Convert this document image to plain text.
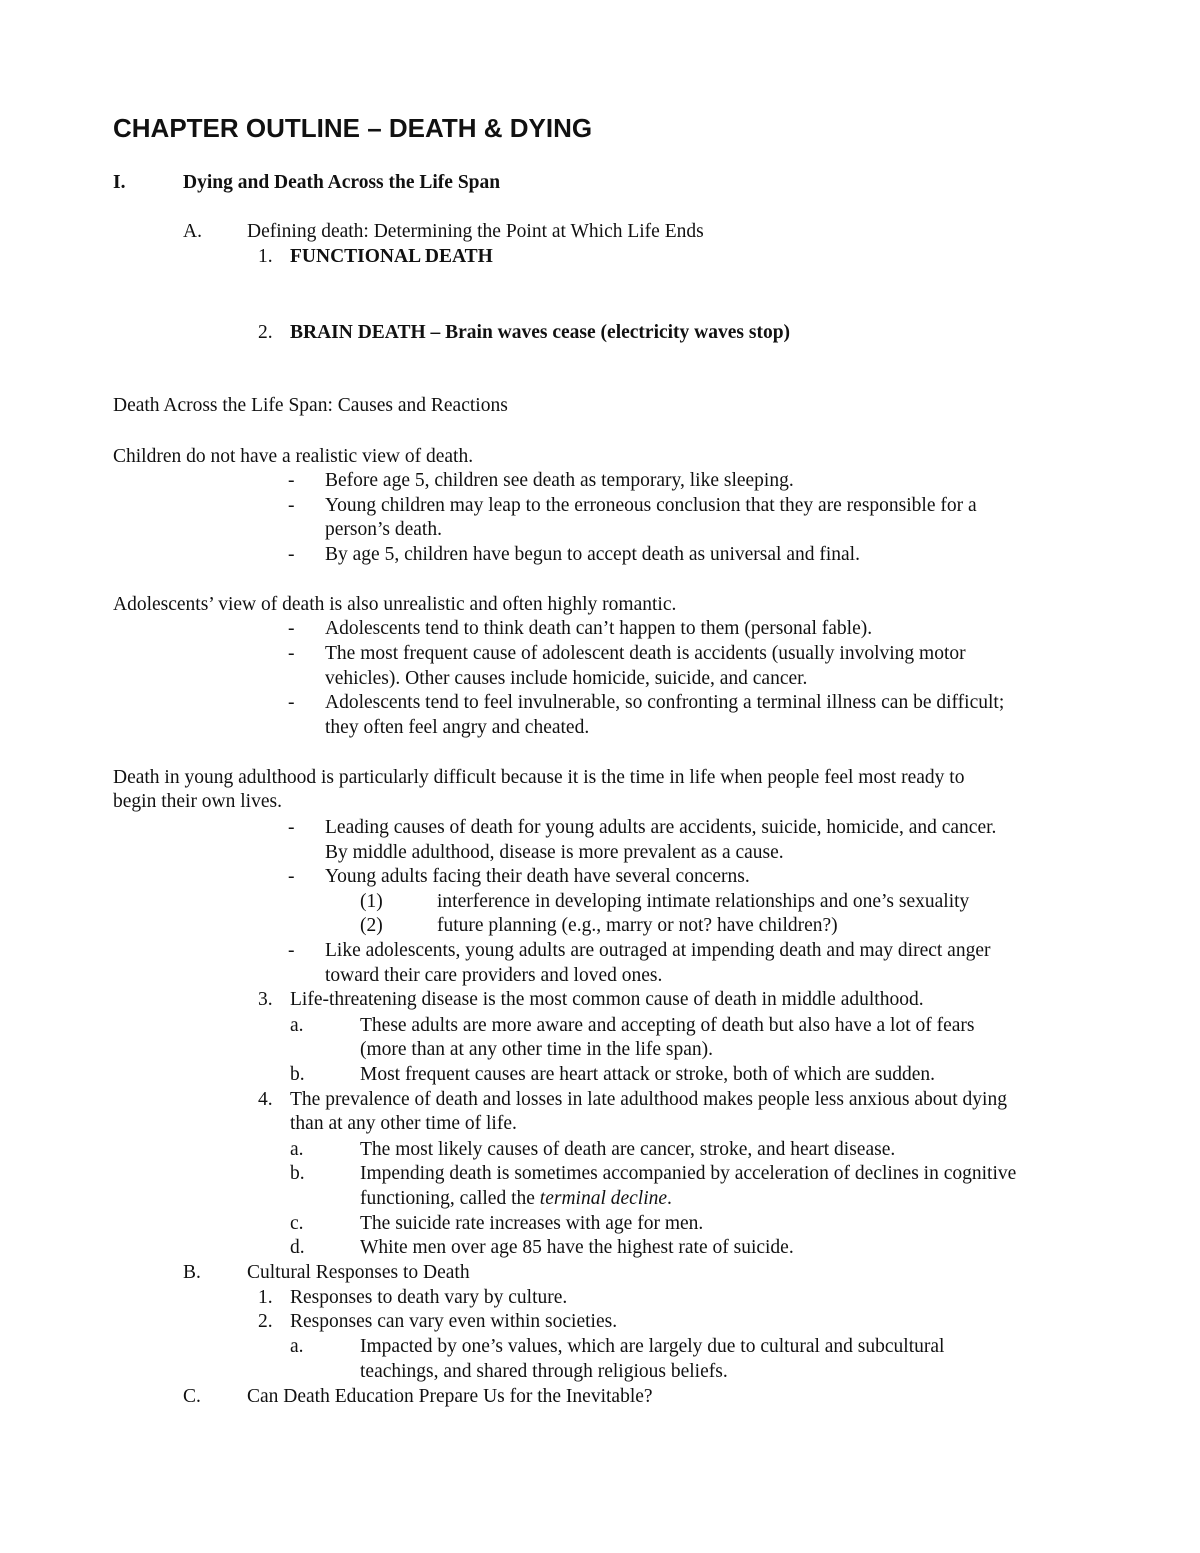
CHAPTER OUTLINE – DEATH & DYING
I.	Dying and Death Across the Life Span
A. Defining death: Determining the Point at Which Life Ends
1. FUNCTIONAL DEATH
2. BRAIN DEATH – Brain waves cease (electricity waves stop)
Death Across the Life Span: Causes and Reactions
Children do not have a realistic view of death.
- Before age 5, children see death as temporary, like sleeping.
- Young children may leap to the erroneous conclusion that they are responsible for a
person’s death.
- By age 5, children have begun to accept death as universal and final.
Adolescents’ view of death is also unrealistic and often highly romantic.
- Adolescents tend to think death can’t happen to them (personal fable).
- The most frequent cause of adolescent death is accidents (usually involving motor
vehicles). Other causes include homicide, suicide, and cancer.
- Adolescents tend to feel invulnerable, so confronting a terminal illness can be difficult;
they often feel angry and cheated.
Death in young adulthood is particularly difficult because it is the time in life when people feel most ready to
begin their own lives.
- Leading causes of death for young adults are accidents, suicide, homicide, and cancer.
By middle adulthood, disease is more prevalent as a cause.
- Young adults facing their death have several concerns.
(1)	interference in developing intimate relationships and one’s sexuality
(2)	future planning (e.g., marry or not? have children?)
- Like adolescents, young adults are outraged at impending death and may direct anger
toward their care providers and loved ones.
3. Life-threatening disease is the most common cause of death in middle adulthood.
a.	These adults are more aware and accepting of death but also have a lot of fears
(more than at any other time in the life span).
b.	Most frequent causes are heart attack or stroke, both of which are sudden.
4. The prevalence of death and losses in late adulthood makes people less anxious about dying
than at any other time of life.
a.	The most likely causes of death are cancer, stroke, and heart disease.
b.	Impending death is sometimes accompanied by acceleration of declines in cognitive
functioning, called the terminal decline.
c.	The suicide rate increases with age for men.
d.	White men over age 85 have the highest rate of suicide.
B. Cultural Responses to Death
1. Responses to death vary by culture.
2. Responses can vary even within societies.
a.	Impacted by one’s values, which are largely due to cultural and subcultural
teachings, and shared through religious beliefs.
C. Can Death Education Prepare Us for the Inevitable?
